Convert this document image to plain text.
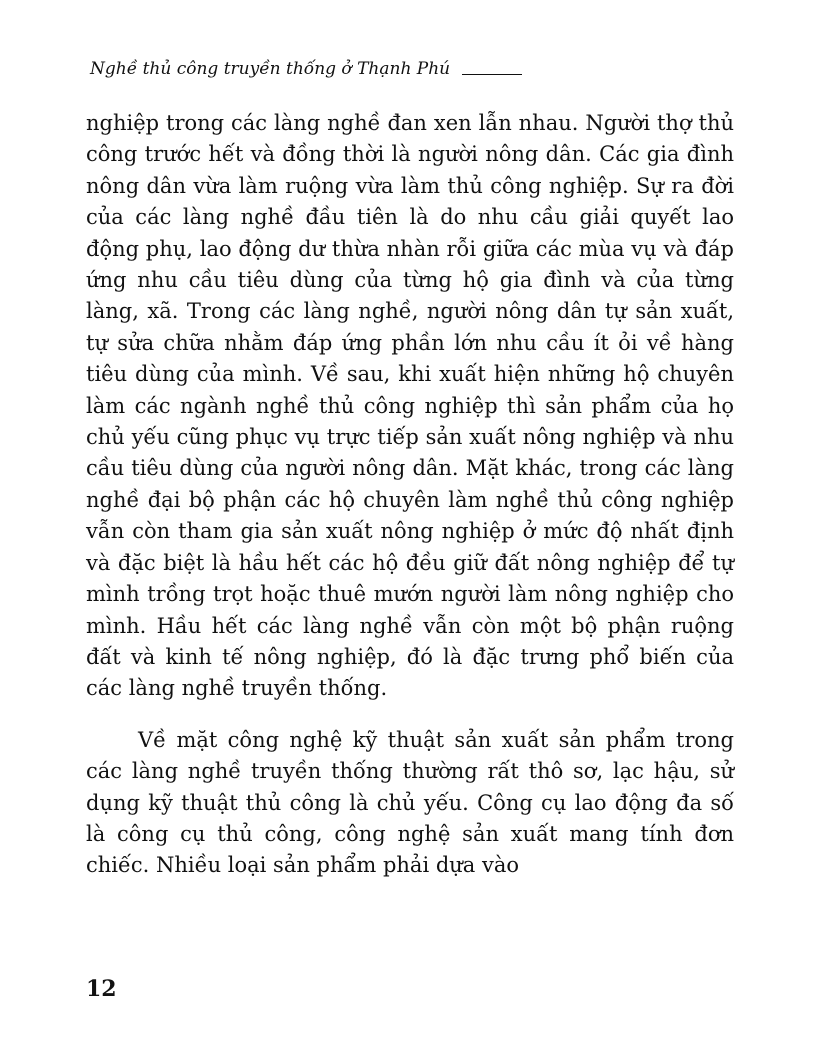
Nghề thủ công truyền thống ở Thạnh Phú

nghiệp trong các làng nghề đan xen lẫn nhau. Người thợ thủ công trước hết và đồng thời là người nông dân. Các gia đình nông dân vừa làm ruộng vừa làm thủ công nghiệp. Sự ra đời của các làng nghề đầu tiên là do nhu cầu giải quyết lao động phụ, lao động dư thừa nhàn rỗi giữa các mùa vụ và đáp ứng nhu cầu tiêu dùng của từng hộ gia đình và của từng làng, xã. Trong các làng nghề, người nông dân tự sản xuất, tự sửa chữa nhằm đáp ứng phần lớn nhu cầu ít ỏi về hàng tiêu dùng của mình. Về sau, khi xuất hiện những hộ chuyên làm các ngành nghề thủ công nghiệp thì sản phẩm của họ chủ yếu cũng phục vụ trực tiếp sản xuất nông nghiệp và nhu cầu tiêu dùng của người nông dân. Mặt khác, trong các làng nghề đại bộ phận các hộ chuyên làm nghề thủ công nghiệp vẫn còn tham gia sản xuất nông nghiệp ở mức độ nhất định và đặc biệt là hầu hết các hộ đều giữ đất nông nghiệp để tự mình trồng trọt hoặc thuê mướn người làm nông nghiệp cho mình. Hầu hết các làng nghề vẫn còn một bộ phận ruộng đất và kinh tế nông nghiệp, đó là đặc trưng phổ biến của các làng nghề truyền thống.

Về mặt công nghệ kỹ thuật sản xuất sản phẩm trong các làng nghề truyền thống thường rất thô sơ, lạc hậu, sử dụng kỹ thuật thủ công là chủ yếu. Công cụ lao động đa số là công cụ thủ công, công nghệ sản xuất mang tính đơn chiếc. Nhiều loại sản phẩm phải dựa vào

12
